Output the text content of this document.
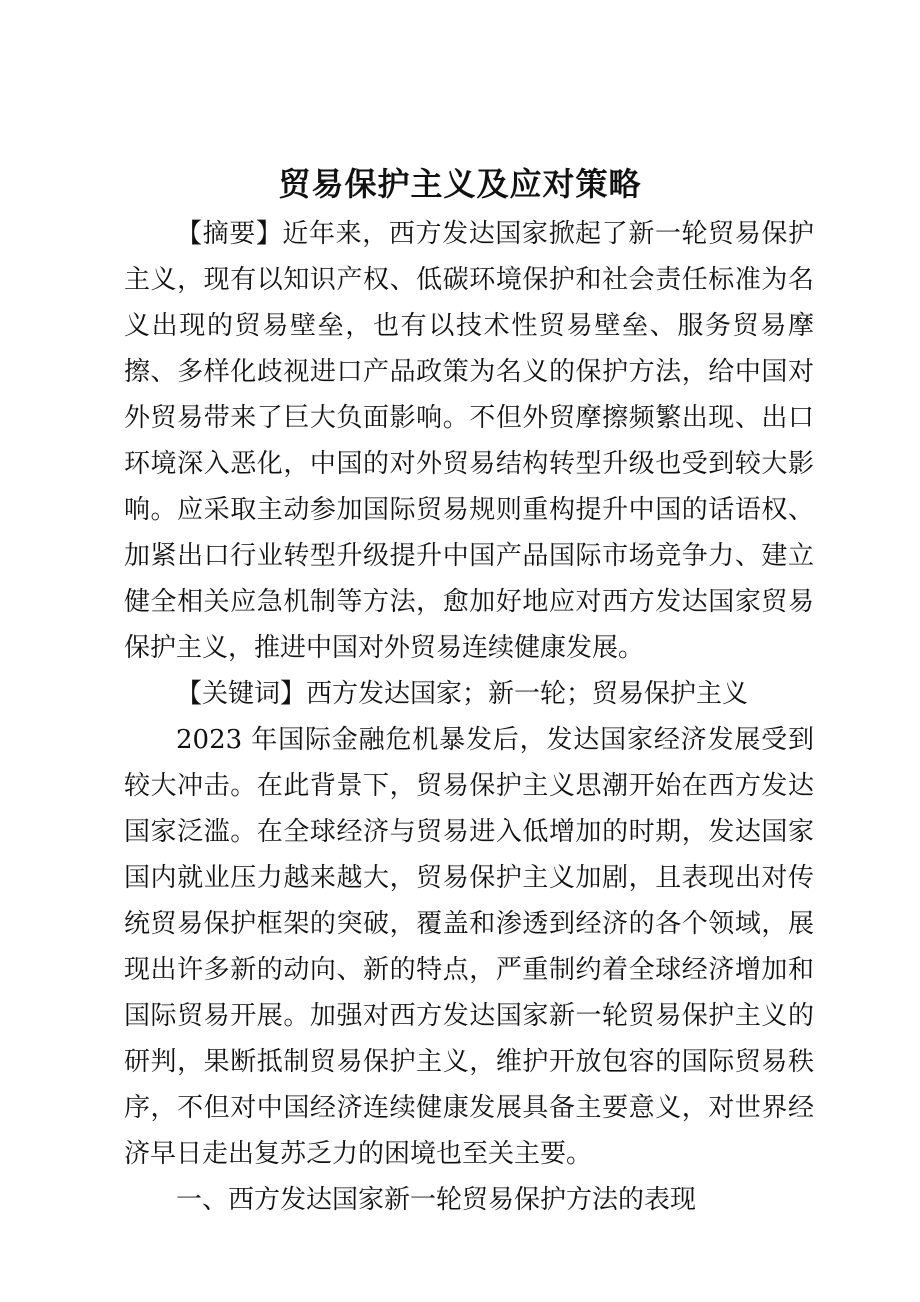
贸易保护主义及应对策略

【摘要】近年来，西方发达国家掀起了新一轮贸易保护主义，现有以知识产权、低碳环境保护和社会责任标准为名义出现的贸易壁垒，也有以技术性贸易壁垒、服务贸易摩擦、多样化歧视进口产品政策为名义的保护方法，给中国对外贸易带来了巨大负面影响。不但外贸摩擦频繁出现、出口环境深入恶化，中国的对外贸易结构转型升级也受到较大影响。应采取主动参加国际贸易规则重构提升中国的话语权、加紧出口行业转型升级提升中国产品国际市场竞争力、建立健全相关应急机制等方法，愈加好地应对西方发达国家贸易保护主义，推进中国对外贸易连续健康发展。

【关键词】西方发达国家；新一轮；贸易保护主义

2023 年国际金融危机暴发后，发达国家经济发展受到较大冲击。在此背景下，贸易保护主义思潮开始在西方发达国家泛滥。在全球经济与贸易进入低增加的时期，发达国家国内就业压力越来越大，贸易保护主义加剧，且表现出对传统贸易保护框架的突破，覆盖和渗透到经济的各个领域，展现出许多新的动向、新的特点，严重制约着全球经济增加和国际贸易开展。加强对西方发达国家新一轮贸易保护主义的研判，果断抵制贸易保护主义，维护开放包容的国际贸易秩序，不但对中国经济连续健康发展具备主要意义，对世界经济早日走出复苏乏力的困境也至关主要。

一、西方发达国家新一轮贸易保护方法的表现
